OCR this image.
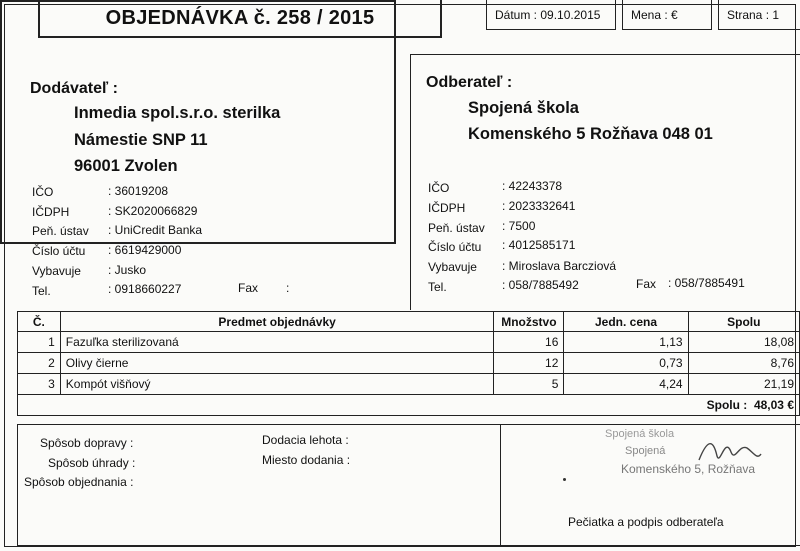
OBJEDNÁVKA č. 258 / 2015	Dátum :
09.10.2015	Mena :
€	Strana :
1
Dodávateľ :
Inmedia spol.s.r.o. sterilka
Námestie SNP 11
96001 Zvolen
IČO	: 36019208
IČDPH	: SK2020066829
Peň. ústav : UniCredit Banka
Číslo účtu : 6619429000
Vybavuje : Jusko
Tel.	: 0918660227	Fax :
Odberateľ :
Spojená škola
Komenského 5 Rožňava 048 01
IČO	: 42243378
IČDPH	: 2023332641
Peň. ústav : 7500
Číslo účtu : 4012585171
Vybavuje : Miroslava Barcziová
Tel.	: 058/7885492	Fax : 058/7885491
Č.	Predmet objednávky	Množstvo	Jedn. cena	Spolu
1	Fazuľka sterilizovaná	16	1,13	18,08
2	Olivy čierne	12	0,73	8,76
3	Kompót višňový	5	4,24	21,19
Spolu : 48,03 €				
Spôsob dopravy :
Spôsob úhrady :
Spôsob objednania :
Dodacia lehota :
Miesto dodania :
Spojená škola
Spojená
Komenského 5, Rožňava
Pečiatka a podpis odberateľa
